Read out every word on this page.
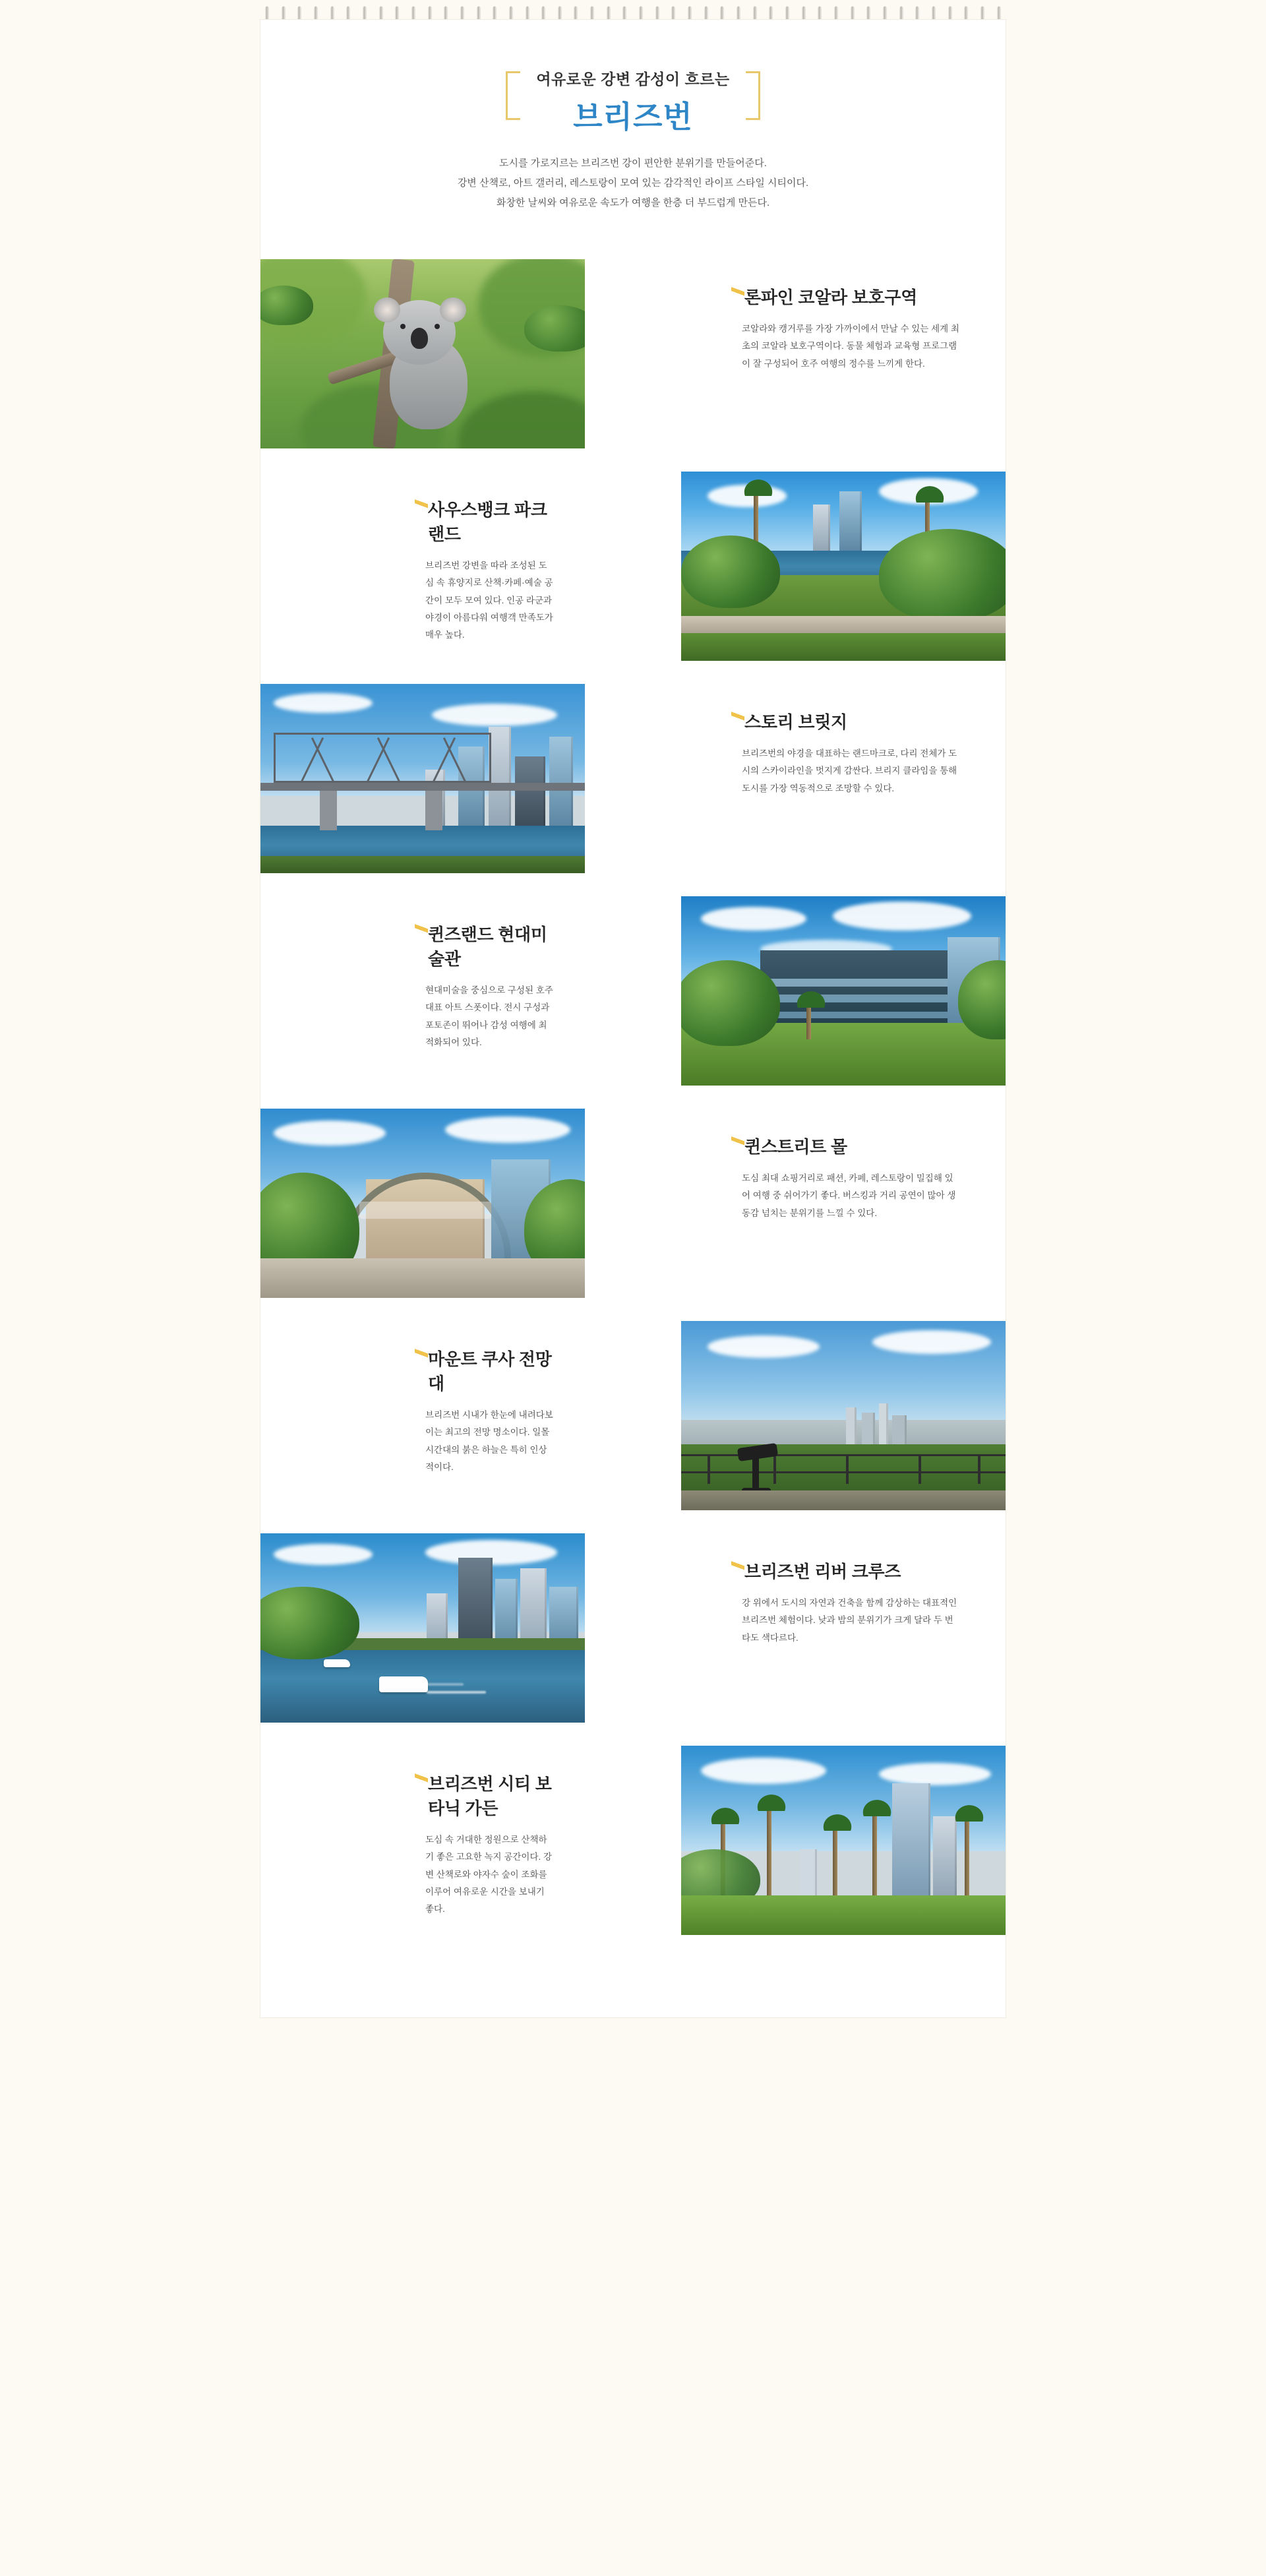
여유로운 강변 감성이 흐르는
브리즈번
도시를 가로지르는 브리즈번 강이 편안한 분위기를 만들어준다.
강변 산책로, 아트 갤러리, 레스토랑이 모여 있는 감각적인 라이프 스타일 시티이다.
화창한 날씨와 여유로운 속도가 여행을 한층 더 부드럽게 만든다.
론파인 코알라 보호구역
코알라와 캥거루를 가장 가까이에서 만날 수 있는 세계 최초의 코알라 보호구역이다. 동물 체험과 교육형 프로그램이 잘 구성되어 호주 여행의 정수를 느끼게 한다.
사우스뱅크 파크랜드
브리즈번 강변을 따라 조성된 도심 속 휴양지로 산책·카페·예술 공간이 모두 모여 있다. 인공 라군과 야경이 아름다워 여행객 만족도가 매우 높다.
스토리 브릿지
브리즈번의 야경을 대표하는 랜드마크로, 다리 전체가 도시의 스카이라인을 멋지게 감싼다. 브리지 클라임을 통해 도시를 가장 역동적으로 조망할 수 있다.
퀸즈랜드 현대미술관
현대미술을 중심으로 구성된 호주 대표 아트 스폿이다. 전시 구성과 포토존이 뛰어나 감성 여행에 최적화되어 있다.
퀸스트리트 몰
도심 최대 쇼핑거리로 패션, 카페, 레스토랑이 밀집해 있어 여행 중 쉬어가기 좋다. 버스킹과 거리 공연이 많아 생동감 넘치는 분위기를 느낄 수 있다.
마운트 쿠사 전망대
브리즈번 시내가 한눈에 내려다보이는 최고의 전망 명소이다. 일몰 시간대의 붉은 하늘은 특히 인상적이다.
브리즈번 리버 크루즈
강 위에서 도시의 자연과 건축을 함께 감상하는 대표적인 브리즈번 체험이다. 낮과 밤의 분위기가 크게 달라 두 번 타도 색다르다.
브리즈번 시티 보타닉 가든
도심 속 거대한 정원으로 산책하기 좋은 고요한 녹지 공간이다. 강변 산책로와 야자수 숲이 조화를 이루어 여유로운 시간을 보내기 좋다.
